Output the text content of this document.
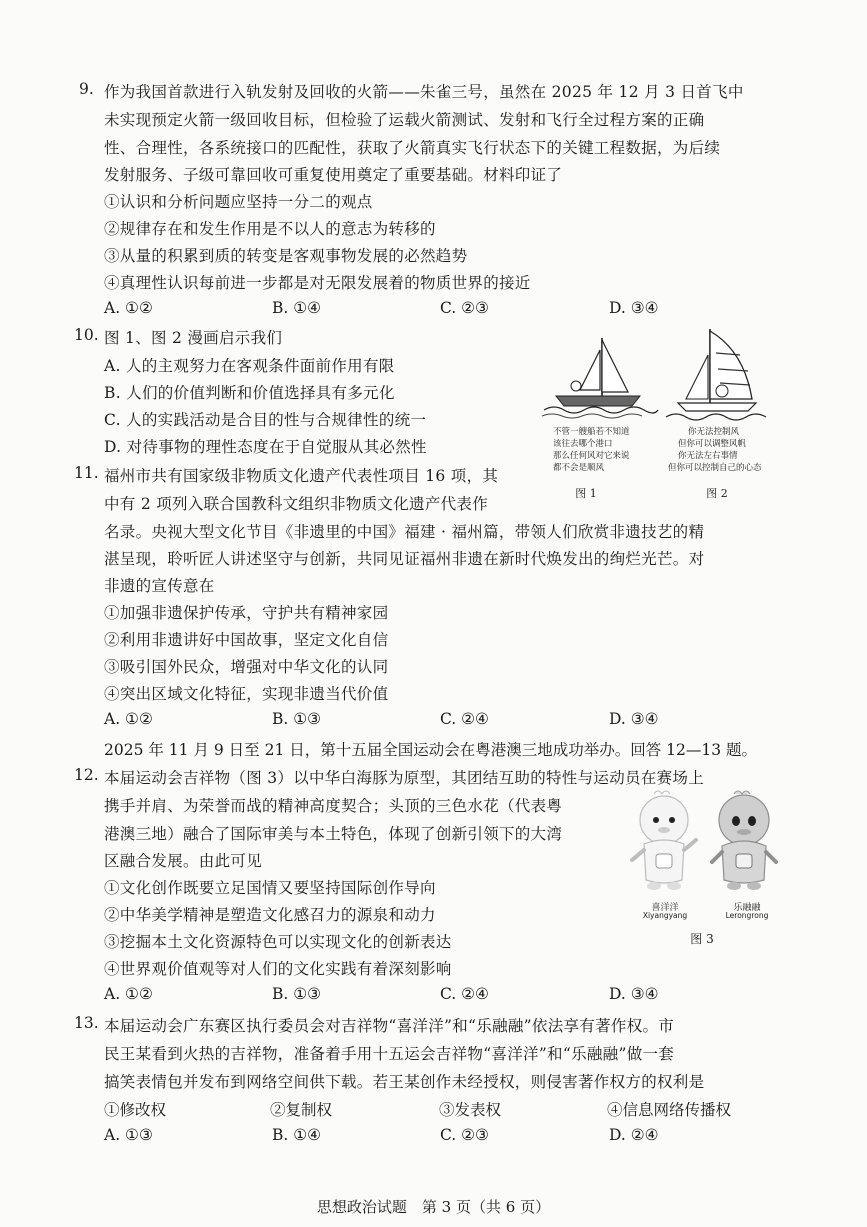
9. 作为我国首款进行入轨发射及回收的火箭——朱雀三号，虽然在 2025 年 12 月 3 日首飞中
未实现预定火箭一级回收目标，但检验了运载火箭测试、发射和飞行全过程方案的正确
性、合理性，各系统接口的匹配性，获取了火箭真实飞行状态下的关键工程数据，为后续
发射服务、子级可靠回收可重复使用奠定了重要基础。材料印证了
①认识和分析问题应坚持一分二的观点
②规律存在和发生作用是不以人的意志为转移的
③从量的积累到质的转变是客观事物发展的必然趋势
④真理性认识每前进一步都是对无限发展着的物质世界的接近
A. ①②	B. ①④	C. ②③	D. ③④
10. 图 1、图 2 漫画启示我们
A. 人的主观努力在客观条件面前作用有限
B. 人们的价值判断和价值选择具有多元化
C. 人的实践活动是合目的性与合规律性的统一
D. 对待事物的理性态度在于自觉服从其必然性
不管一艘船若不知道
该往去哪个港口
那么任何风对它来说
都不会是顺风
图 1
你无法控制风
但你可以调整风帆
你无法左右事情
但你可以控制自己的心态
图 2
11. 福州市共有国家级非物质文化遗产代表性项目 16 项，其
中有 2 项列入联合国教科文组织非物质文化遗产代表作
名录。央视大型文化节目《非遗里的中国》福建 · 福州篇，带领人们欣赏非遗技艺的精
湛呈现，聆听匠人讲述坚守与创新，共同见证福州非遗在新时代焕发出的绚烂光芒。对
非遗的宣传意在
①加强非遗保护传承，守护共有精神家园
②利用非遗讲好中国故事，坚定文化自信
③吸引国外民众，增强对中华文化的认同
④突出区域文化特征，实现非遗当代价值
A. ①②	B. ①③	C. ②④	D. ③④
2025 年 11 月 9 日至 21 日，第十五届全国运动会在粤港澳三地成功举办。回答 12—13 题。
12. 本届运动会吉祥物（图 3）以中华白海豚为原型，其团结互助的特性与运动员在赛场上
携手并肩、为荣誉而战的精神高度契合；头顶的三色水花（代表粤
港澳三地）融合了国际审美与本土特色，体现了创新引领下的大湾
区融合发展。由此可见
①文化创作既要立足国情又要坚持国际创作导向
②中华美学精神是塑造文化感召力的源泉和动力
③挖掘本土文化资源特色可以实现文化的创新表达
④世界观价值观等对人们的文化实践有着深刻影响
A. ①②	B. ①③	C. ②④	D. ③④
喜洋洋
Xiyangyang
乐融融
Lerongrong
图 3
13. 本届运动会广东赛区执行委员会对吉祥物“喜洋洋”和“乐融融”依法享有著作权。市
民王某看到火热的吉祥物，准备着手用十五运会吉祥物“喜洋洋”和“乐融融”做一套
搞笑表情包并发布到网络空间供下载。若王某创作未经授权，则侵害著作权方的权利是
①修改权	②复制权	③发表权	④信息网络传播权
A. ①③	B. ①④	C. ②③	D. ②④
思想政治试题　第 3 页（共 6 页）
